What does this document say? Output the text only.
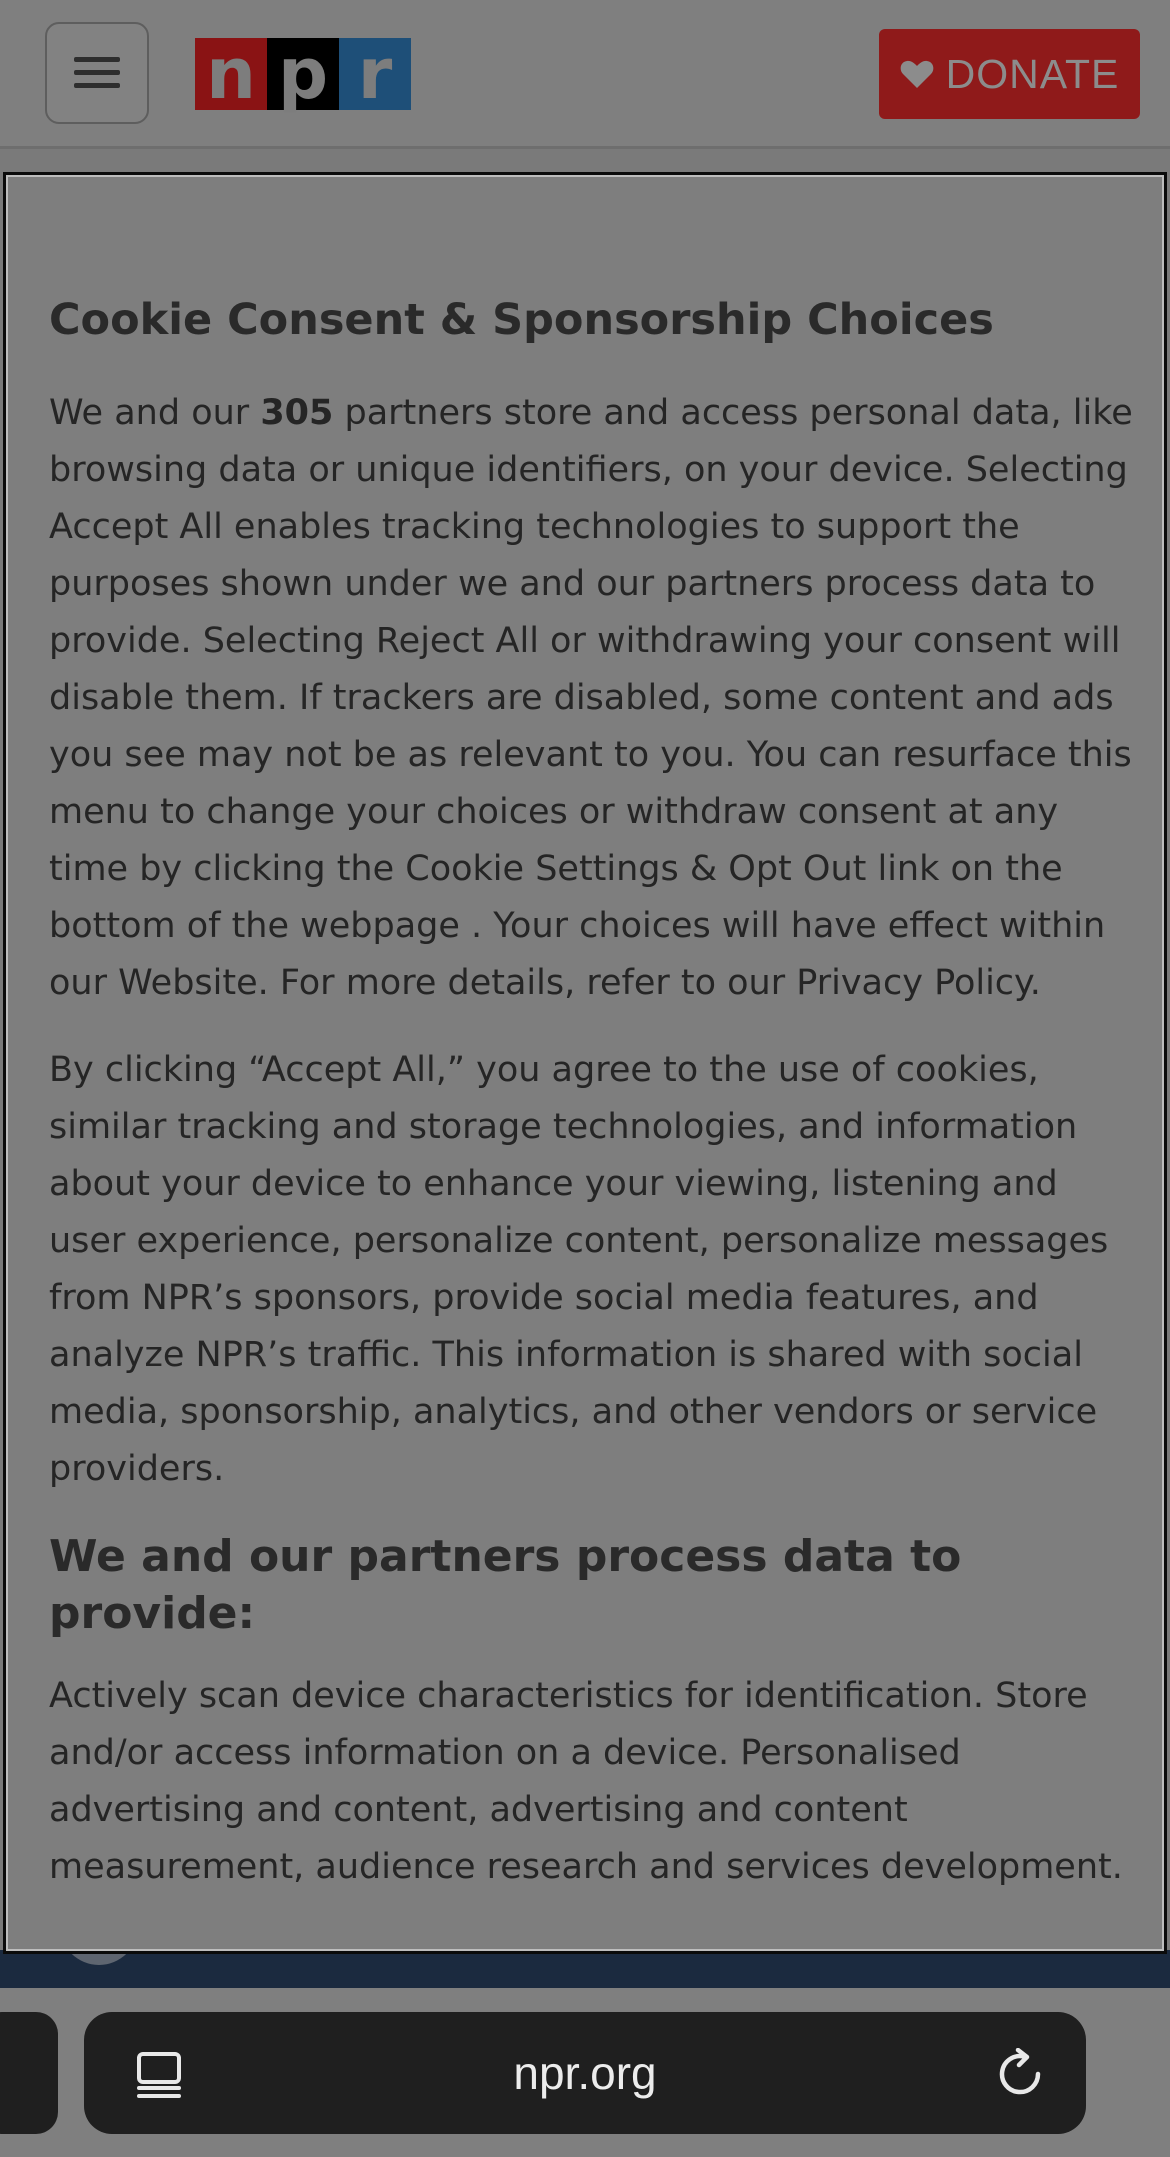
n p r	DONATE
Cookie Consent & Sponsorship Choices

We and our 305 partners store and access personal data, like browsing data or unique identifiers, on your device. Selecting Accept All enables tracking technologies to support the purposes shown under we and our partners process data to provide. Selecting Reject All or withdrawing your consent will disable them. If trackers are disabled, some content and ads you see may not be as relevant to you. You can resurface this menu to change your choices or withdraw consent at any time by clicking the Cookie Settings & Opt Out link on the bottom of the webpage . Your choices will have effect within our Website. For more details, refer to our Privacy Policy.

By clicking “Accept All,” you agree to the use of cookies, similar tracking and storage technologies, and information about your device to enhance your viewing, listening and user experience, personalize content, personalize messages from NPR’s sponsors, provide social media features, and analyze NPR’s traffic. This information is shared with social media, sponsorship, analytics, and other vendors or service providers.

We and our partners process data to provide:

Actively scan device characteristics for identification. Store and/or access information on a device. Personalised advertising and content, advertising and content measurement, audience research and services development.

npr.org
